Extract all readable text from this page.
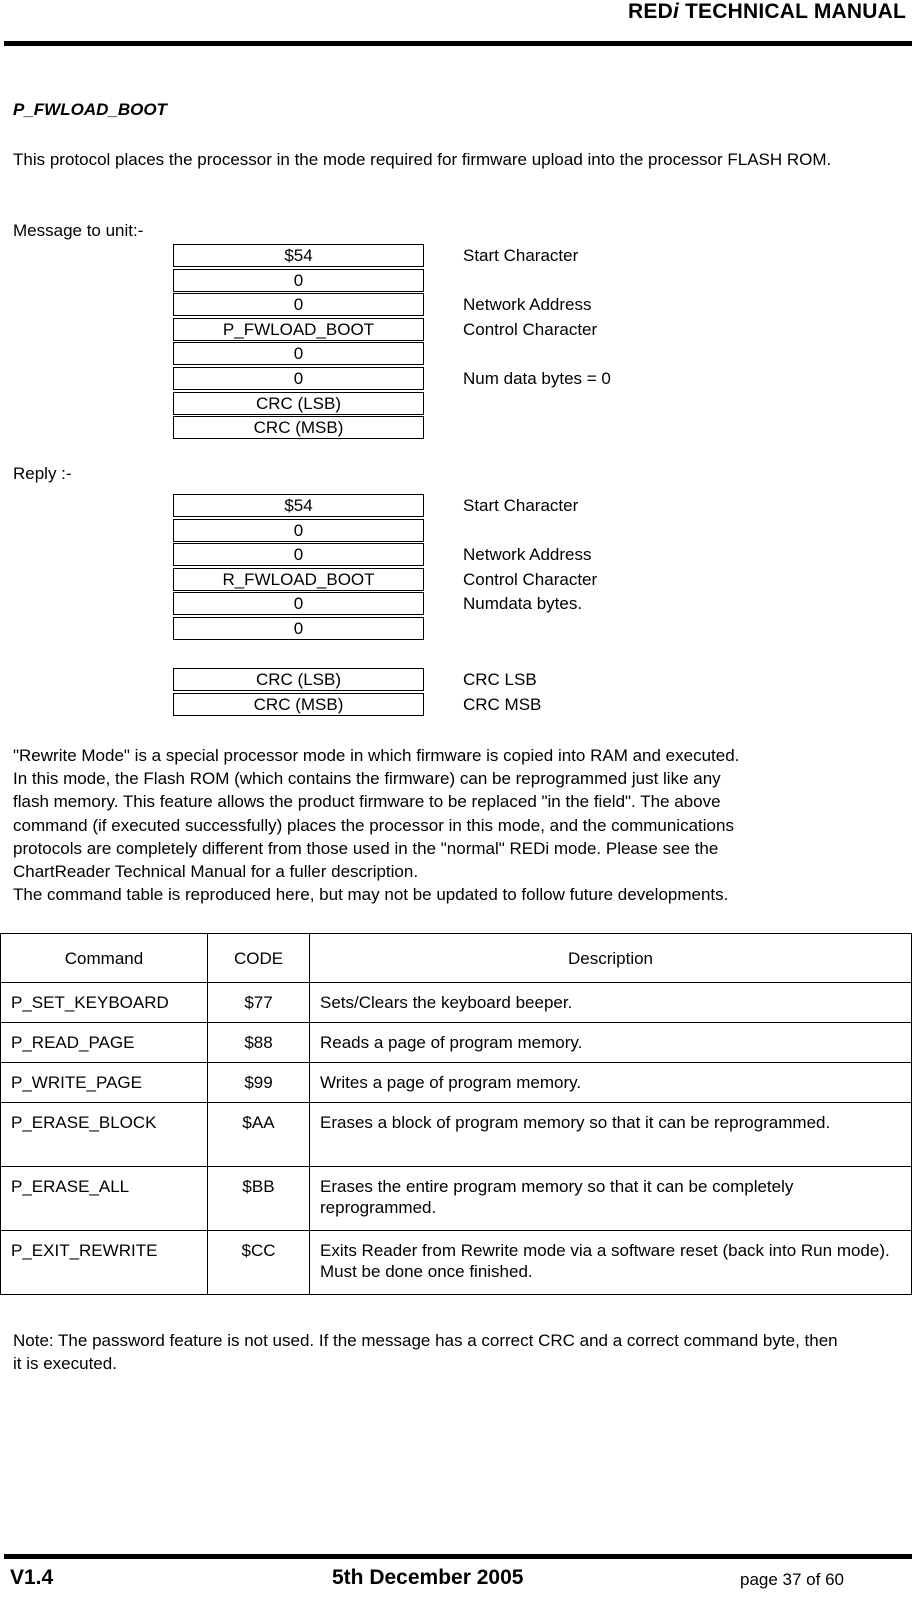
REDi TECHNICAL MANUAL
P_FWLOAD_BOOT
This protocol places the processor in the mode required for firmware upload into the processor FLASH ROM.
Message to unit:-
$54	Start Character
0
0	Network Address
P_FWLOAD_BOOT	Control Character
0
0	Num data bytes = 0
CRC (LSB)
CRC (MSB)
Reply :-
$54	Start Character
0
0	Network Address
R_FWLOAD_BOOT	Control Character
0	Numdata bytes.
0
CRC (LSB)	CRC LSB
CRC (MSB)	CRC MSB
"Rewrite Mode" is a special processor mode in which firmware is copied into RAM and executed.
In this mode, the Flash ROM (which contains the firmware) can be reprogrammed just like any
flash memory. This feature allows the product firmware to be replaced "in the field". The above
command (if executed successfully) places the processor in this mode, and the communications
protocols are completely different from those used in the "normal" REDi mode. Please see the
ChartReader Technical Manual for a fuller description.
The command table is reproduced here, but may not be updated to follow future developments.
Command	CODE	Description
P_SET_KEYBOARD	$77	Sets/Clears the keyboard beeper.
P_READ_PAGE	$88	Reads a page of program memory.
P_WRITE_PAGE	$99	Writes a page of program memory.
P_ERASE_BLOCK	$AA	Erases a block of program memory so that it can be reprogrammed.
P_ERASE_ALL	$BB	Erases the entire program memory so that it can be completely reprogrammed.
P_EXIT_REWRITE	$CC	Exits Reader from Rewrite mode via a software reset (back into Run mode). Must be done once finished.
Note: The password feature is not used. If the message has a correct CRC and a correct command byte, then it is executed.
V1.4	5th December 2005	page 37 of 60
